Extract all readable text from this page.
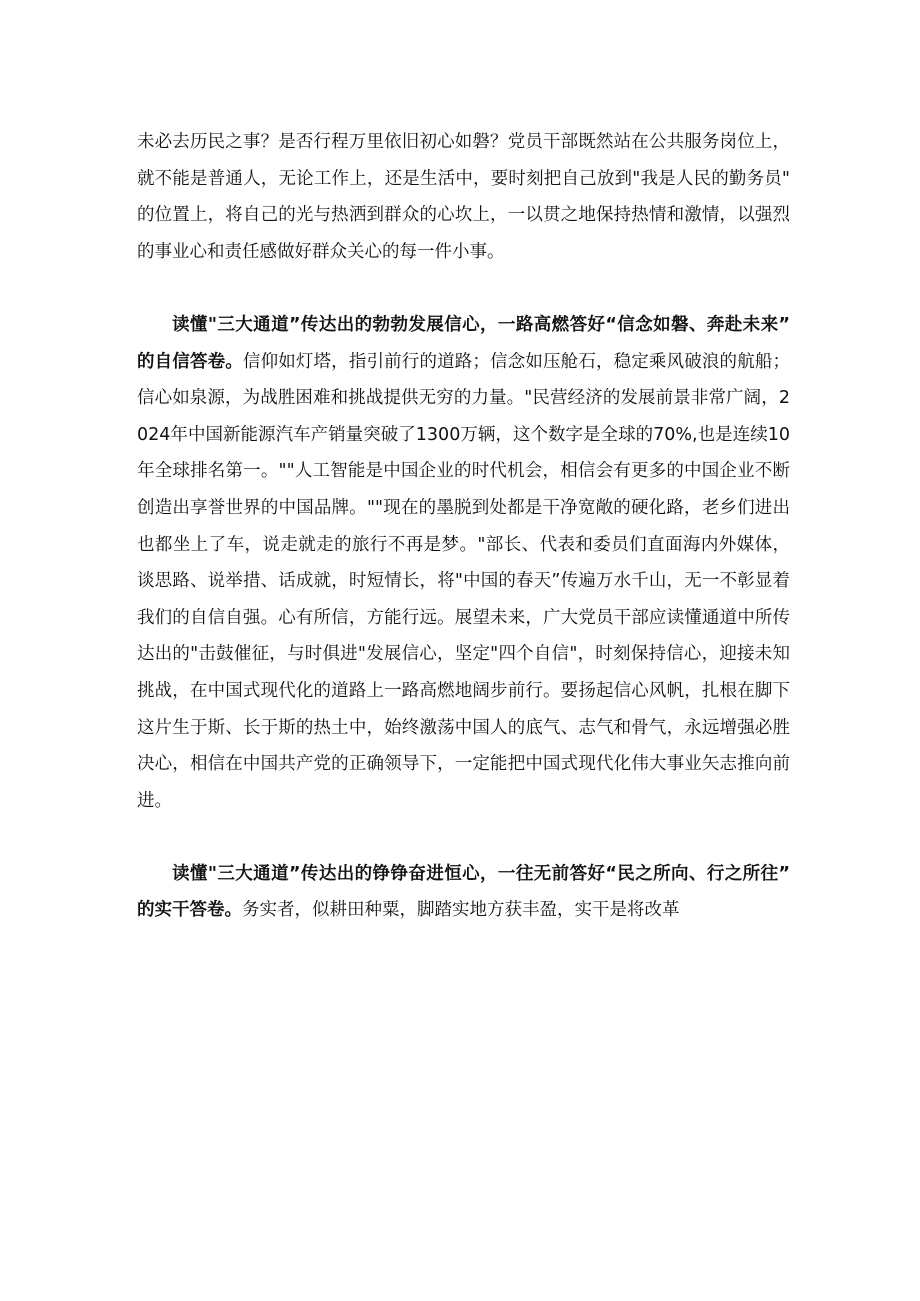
未必去历民之事？是否行程万里依旧初心如磐？党员干部既然站在公共服务岗位上，就不能是普通人，无论工作上，还是生活中，要时刻把自己放到"我是人民的勤务员"的位置上，将自己的光与热洒到群众的心坎上，一以贯之地保持热情和激情，以强烈的事业心和责任感做好群众关心的每一件小事。

读懂"三大通道”传达出的勃勃发展信心，一路高燃答好“信念如磐、奔赴未来”的自信答卷。信仰如灯塔，指引前行的道路；信念如压舱石，稳定乘风破浪的航船；信心如泉源，为战胜困难和挑战提供无穷的力量。"民营经济的发展前景非常广阔，2024年中国新能源汽车产销量突破了1300万辆，这个数字是全球的70%,也是连续10年全球排名第一。""人工智能是中国企业的时代机会，相信会有更多的中国企业不断创造出享誉世界的中国品牌。""现在的墨脱到处都是干净宽敞的硬化路，老乡们进出也都坐上了车，说走就走的旅行不再是梦。"部长、代表和委员们直面海内外媒体，谈思路、说举措、话成就，时短情长，将"中国的春天”传遍万水千山，无一不彰显着我们的自信自强。心有所信，方能行远。展望未来，广大党员干部应读懂通道中所传达出的"击鼓催征，与时俱进"发展信心，坚定"四个自信"，时刻保持信心，迎接未知挑战，在中国式现代化的道路上一路高燃地阔步前行。要扬起信心风帆，扎根在脚下这片生于斯、长于斯的热土中，始终激荡中国人的底气、志气和骨气，永远增强必胜决心，相信在中国共产党的正确领导下，一定能把中国式现代化伟大事业矢志推向前进。

读懂"三大通道”传达出的铮铮奋进恒心，一往无前答好“民之所向、行之所往”的实干答卷。务实者，似耕田种粟，脚踏实地方获丰盈，实干是将改革
